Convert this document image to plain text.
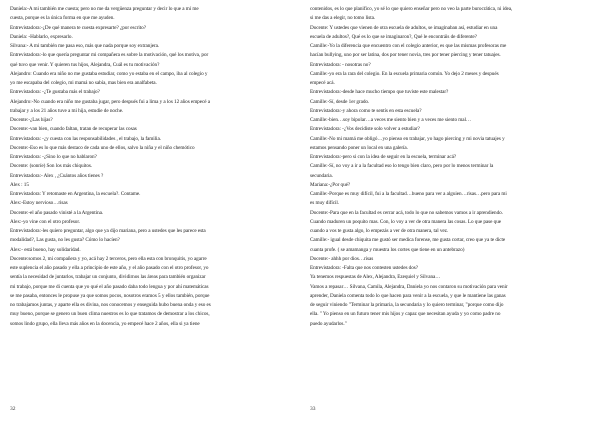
Daniela:-A mi también me cuesta; pero no me da vergüenza preguntar y decir lo que a mí me
cuesta, porque es la única forma en que me ayuden.
Entrevistadora:-¿De qué manera te cuesta expresarte? ¿por escrito?
Daniela: -Hablarlo, expresarlo.
Silvana:- A mi también me pasa eso, más que nada porque soy extranjera.
Entrevistadora:-lo que quería preguntar mi compañera es sobre la motivación, qué los motiva, por
qué tuvo que venir. Y quieren tus hijos, Alejandra, Cuál es tu motivación?
Alejandro: Cuando era niño no me gustaba estudiar, como yo estaba en el campo, iba al colegio y
yo me escapaba del colegio, mi mamá no sabía, mas bien era analfabeta.
Entrevistadora: -¿Te gustaba más el trabajo?
Alejandro:-No cuando era niño me gustaba jugar, pero después fui a lima y a los 12 años empecé a
trabajar y a los 21 años tuve a mi hija, estudie de noche.
Docente:-¿Las hijas?
Docente:-van bien, cuando faltan, tratan de recuperar las cosas
Entrevistadora: -¿y cuesta con las responsabilidades , el trabajo, la familia.
Docente:-Eso es lo que más destaco de cada uno de ellos, salvo la niña y el niño chemótico
Entrevistadora: -¿Sino lo que no hablaron?
Docente: (sonríe) Son los más chiquitos.
Entrevistadora:- Alex , ¿Cuántos años tienes ?
Alex : 15
Entrevistadora: Y retomaste en Argentina, la escuela?. Contame.
Alex:-Estoy nervioso…risas
Docente:-el año pasado vinisté a la Argentina.
Alex:-yo vine con el otro profesor.
Entrevistadora:-les quiero preguntar, algo que ya dijo mariana, pero a ustedes que les parece esta
modalidad?, Las gusta, no les gusta? Cómo lo hacíen?
Alex:- está bueno, hay solidaridad.
Docente:somos 2, mi compañera y yo, acá hay 2 terceros, pero ella esta con bronquitis, yo agarre
este suplencia el año pasado y ella a principio de este año, y el año pasado con el otro profesor, yo
sentía la necesidad de juntarlos, trabajar un conjunto, dividirnos las áreas para también organizar
mi trabajo, porque me di cuenta que yo qué el año pasado daba todo lengua y por ahí matemáticas
se me pasaba, entonces le propuse ya que somos pocos, nosotros eramos 5 y ellos también, porque
no trabajamos juntas, y aparte ella es divina, nos conocemos y enseguida hubo buena onda y eso es
muy bueno, porque se genero un buen clima nuestros es lo que tratamos de demostrar a los chicos,
somos lindo grupo, ella lleva más años en la docencia, yo empecé hace 2 años, ella si ya tiene
32
contenidos, es lo que planifico, yo sé lo que quiero enseñar pero no veo la parte burocrática, ni idea,
si me das a elegir, no tomo lista.
Docente: Y ustedes que vienen de otra escuela de adultos, se imaginaban así, estudiar en una
escuela de adultos?, Qué es lo que se imaginaron?, Qué le encontráis de diferente?
Camille:-Yo la diferencia que encuentro con el colegio anterior, es que las mismas profesoras me
hacían bullying, uno por ser latina, dos por tener novia, tres por tener piercing y tener tatuajes.
Entrevistadora: - nosotras no?
Camille:-yo era la rara del colegio. En la escuela primaria común. Yo dejo 2 meses y después
empecé acá.
Entrevistadora:-desde hace mucho tiempo que tuviste este malestar?
Camille:-Sí, desde 1er grado.
Entrevistadora:-y ahora como te sentís en esta escuela?
Camille:-bien…soy bipolar…a veces me siento bien y a veces me siento mal…
Entrevistadora: -¿Vos decidiste solo volver a estudiar?
Camille:-No mi mamá me obligó…yo pienso en trabajar, yo hago piercing y mi novia tatuajes y
estamos pensando poner un local en una galería.
Entrevistadora:-pero si con la idea de seguir en la escuela, terminar acá?
Camille:-Sí, no voy a ir a la facultad eso lo tengo bien claro, pero por lo menos terminar la
secundaria.
Mariana:-¿Por qué?
Camille:-Porque es muy difícil, fui a la facultad…bueno para ver a alguien…risas…pero para mi
es muy difícil.
Docente:-Para que en la facultad es cerrar acá, todo lo que no sabemos vamos a ir aprendiendo.
Cuando maduren un poquito mas. Con, lo voy a ver de otra manera las cosas. Lo que pase que
cuando a vos te gusta algo, lo empezás a ver de otra manera, tal vez.
Camille:- igual desde chiquita me gustó ser medica forense, me gusta cortar, creo que ya te dicte
cuanta profe. ( se amamanga y muestra los cortes que tiene en un antebrazo)
Docente:- ahhh por dios…risas
Entrevistadora: -Falta que nos contesten ustedes dos?
Ya tenemos respuestas de Alex, Alejandra, Ezequiel y Silvana…
Vamos a repasar… Silvana, Camila, Alejandra, Daniela yo nos contaron su motivación para venir
aprender, Daniela comenta todo lo que hacen para venir a la escuela, y que le mantiene las ganas
de seguir viniendo "Terminar la primaria, la secundaria y lo quiero terminar, "porque como dijo
ella. " Yo pienso en un futuro tener mis hijos y capaz que necesitan ayuda y yo como padre no
puedo ayudarlos."
33
